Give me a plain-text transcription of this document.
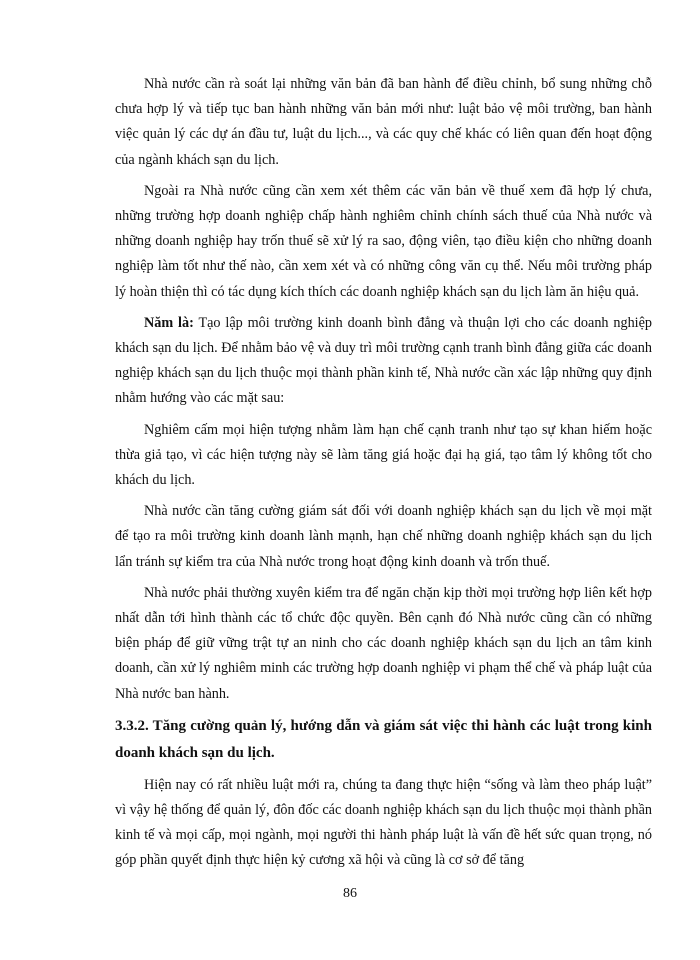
Nhà nước cần rà soát lại những văn bản đã ban hành để điều chỉnh, bổ sung những chỗ chưa hợp lý và tiếp tục ban hành những văn bản mới như: luật bảo vệ môi trường, ban hành việc quản lý các dự án đầu tư, luật du lịch..., và các quy chế khác có liên quan đến hoạt động của ngành khách sạn du lịch.

Ngoài ra Nhà nước cũng cần xem xét thêm các văn bản về thuế xem đã hợp lý chưa, những trường hợp doanh nghiệp chấp hành nghiêm chỉnh chính sách thuế của Nhà nước và những doanh nghiệp hay trốn thuế sẽ xử lý ra sao, động viên, tạo điều kiện cho những doanh nghiệp làm tốt như thế nào, cần xem xét và có những công văn cụ thể. Nếu môi trường pháp lý hoàn thiện thì có tác dụng kích thích các doanh nghiệp khách sạn du lịch làm ăn hiệu quả.

Năm là: Tạo lập môi trường kinh doanh bình đẳng và thuận lợi cho các doanh nghiệp khách sạn du lịch. Để nhằm bảo vệ và duy trì môi trường cạnh tranh bình đẳng giữa các doanh nghiệp khách sạn du lịch thuộc mọi thành phần kinh tế, Nhà nước cần xác lập những quy định nhằm hướng vào các mặt sau:

Nghiêm cấm mọi hiện tượng nhằm làm hạn chế cạnh tranh như tạo sự khan hiếm hoặc thừa giả tạo, vì các hiện tượng này sẽ làm tăng giá hoặc đại hạ giá, tạo tâm lý không tốt cho khách du lịch.

Nhà nước cần tăng cường giám sát đối với doanh nghiệp khách sạn du lịch về mọi mặt để tạo ra môi trường kinh doanh lành mạnh, hạn chế những doanh nghiệp khách sạn du lịch lẩn tránh sự kiểm tra của Nhà nước trong hoạt động kinh doanh và trốn thuế.

Nhà nước phải thường xuyên kiểm tra để ngăn chặn kịp thời mọi trường hợp liên kết hợp nhất dẫn tới hình thành các tổ chức độc quyền. Bên cạnh đó Nhà nước cũng cần có những biện pháp để giữ vững trật tự an ninh cho các doanh nghiệp khách sạn du lịch an tâm kinh doanh, cần xử lý nghiêm minh các trường hợp doanh nghiệp vi phạm thể chế và pháp luật của Nhà nước ban hành.

3.3.2. Tăng cường quản lý, hướng dẫn và giám sát việc thi hành các luật trong kinh doanh khách sạn du lịch.

Hiện nay có rất nhiều luật mới ra, chúng ta đang thực hiện “sống và làm theo pháp luật” vì vậy hệ thống để quản lý, đôn đốc các doanh nghiệp khách sạn du lịch thuộc mọi thành phần kinh tế và mọi cấp, mọi ngành, mọi người thi hành pháp luật là vấn đề hết sức quan trọng, nó góp phần quyết định thực hiện kỷ cương xã hội và cũng là cơ sở để tăng

86
